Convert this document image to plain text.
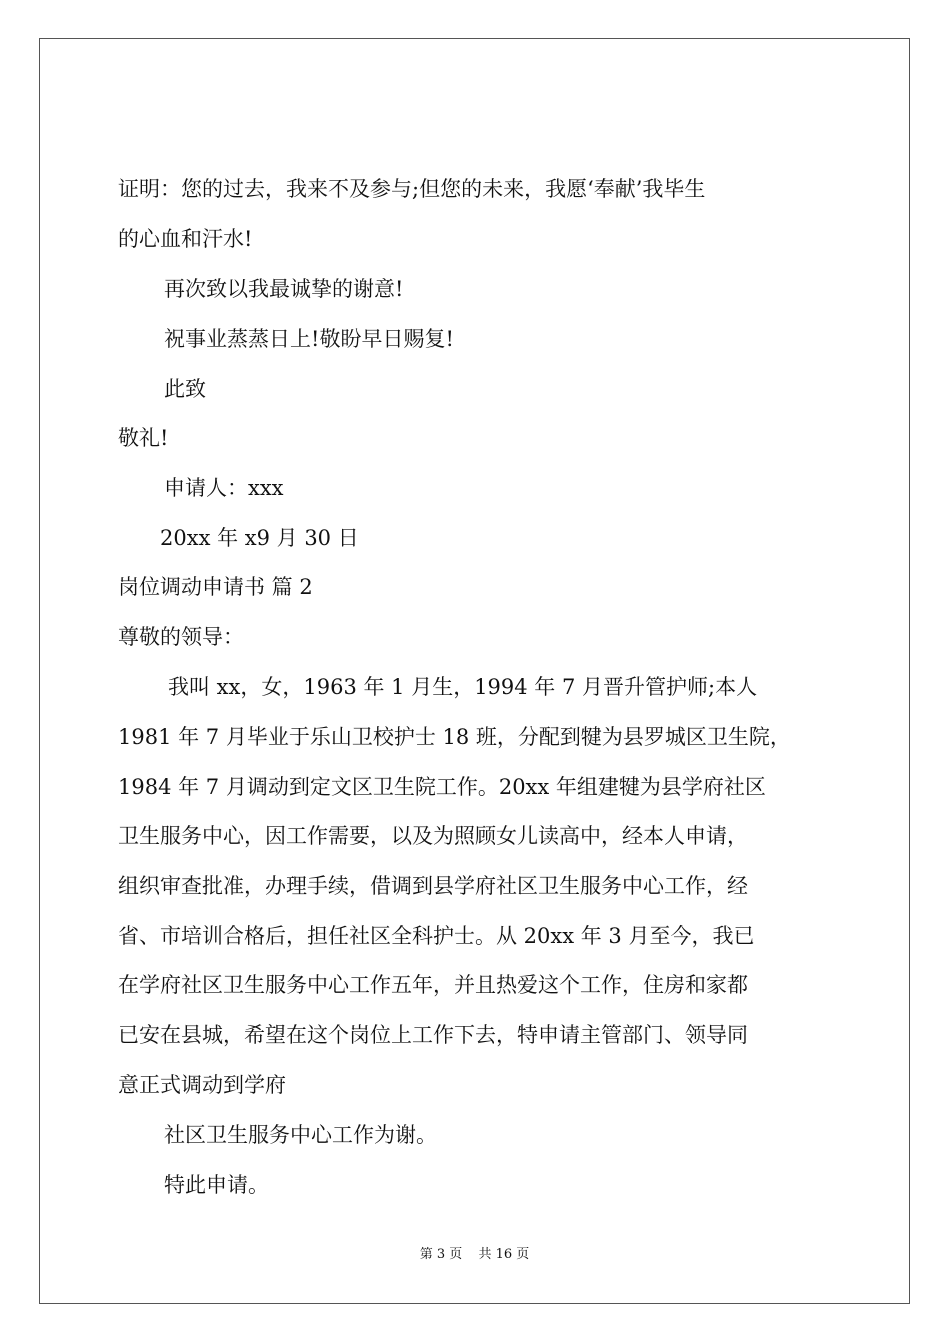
证明：您的过去，我来不及参与;但您的未来，我愿‘奉献’我毕生
的心血和汗水!
再次致以我最诚挚的谢意!
祝事业蒸蒸日上!敬盼早日赐复!
此致
敬礼!
申请人：xxx
20xx 年 x9 月 30 日
岗位调动申请书 篇 2
尊敬的领导：
我叫 xx，女，1963 年 1 月生，1994 年 7 月晋升管护师;本人
1981 年 7 月毕业于乐山卫校护士 18 班，分配到犍为县罗城区卫生院，
1984 年 7 月调动到定文区卫生院工作。20xx 年组建犍为县学府社区
卫生服务中心，因工作需要，以及为照顾女儿读高中，经本人申请，
组织审查批准，办理手续，借调到县学府社区卫生服务中心工作，经
省、市培训合格后，担任社区全科护士。从 20xx 年 3 月至今，我已
在学府社区卫生服务中心工作五年，并且热爱这个工作，住房和家都
已安在县城，希望在这个岗位上工作下去，特申请主管部门、领导同
意正式调动到学府
社区卫生服务中心工作为谢。
特此申请。
第 3 页 共 16 页
